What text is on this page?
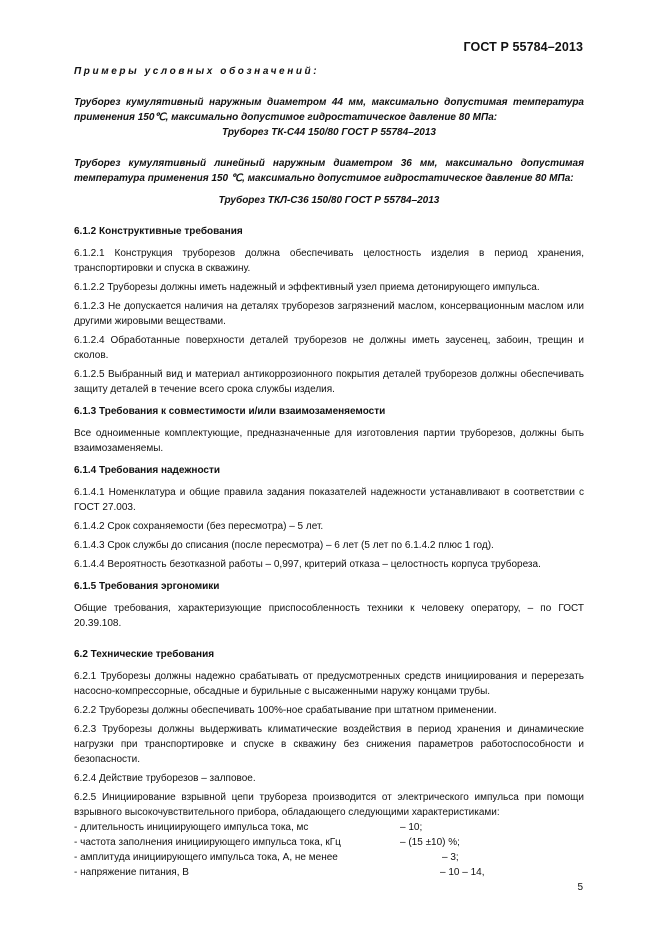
ГОСТ Р 55784–2013

Примеры условных обозначений:

Труборез кумулятивный наружным диаметром 44 мм, максимально допустимая температура применения 150℃, максимально допустимое гидростатическое давление 80 МПа:

Труборез ТК-С44 150/80 ГОСТ Р 55784–2013

Труборез кумулятивный линейный наружным диаметром 36 мм, максимально допустимая температура применения 150 ℃, максимально допустимое гидростатическое давление 80 МПа:

Труборез ТКЛ-С36 150/80 ГОСТ Р 55784–2013

6.1.2 Конструктивные требования

6.1.2.1 Конструкция труборезов должна обеспечивать целостность изделия в период хранения, транспортировки и спуска в скважину.

6.1.2.2 Труборезы должны иметь надежный и эффективный узел приема детонирующего импульса.

6.1.2.3 Не допускается наличия на деталях труборезов загрязнений маслом, консервационным маслом или другими жировыми веществами.

6.1.2.4 Обработанные поверхности деталей труборезов не должны иметь заусенец, забоин, трещин и сколов.

6.1.2.5 Выбранный вид и материал антикоррозионного покрытия деталей труборезов должны обеспечивать защиту деталей в течение всего срока службы изделия.

6.1.3 Требования к совместимости и/или взаимозаменяемости

Все одноименные комплектующие, предназначенные для изготовления партии труборезов, должны быть взаимозаменяемы.

6.1.4 Требования надежности

6.1.4.1 Номенклатура и общие правила задания показателей надежности устанавливают в соответствии с ГОСТ 27.003.

6.1.4.2 Срок сохраняемости (без пересмотра) – 5 лет.

6.1.4.3 Срок службы до списания (после пересмотра) – 6 лет (5 лет по 6.1.4.2 плюс 1 год).

6.1.4.4 Вероятность безотказной работы – 0,997, критерий отказа – целостность корпуса трубореза.

6.1.5 Требования эргономики

Общие требования, характеризующие приспособленность техники к человеку оператору, – по ГОСТ 20.39.108.

6.2 Технические требования

6.2.1 Труборезы должны надежно срабатывать от предусмотренных средств инициирования и перерезать насосно-компрессорные, обсадные и бурильные с высаженными наружу концами трубы.

6.2.2 Труборезы должны обеспечивать 100%-ное срабатывание при штатном применении.

6.2.3 Труборезы должны выдерживать климатические воздействия в период хранения и динамические нагрузки при транспортировке и спуске в скважину без снижения параметров работоспособности и безопасности.

6.2.4 Действие труборезов – залповое.

6.2.5 Инициирование взрывной цепи трубореза производится от электрического импульса при помощи взрывного высокочувствительного прибора, обладающего следующими характеристиками:

- длительность инициирующего импульса тока, мс	– 10;
- частота заполнения инициирующего импульса тока, кГц	– (15 ±10) %;
- амплитуда инициирующего импульса тока, А, не менее	– 3;
- напряжение питания, В	– 10 – 14,
5
